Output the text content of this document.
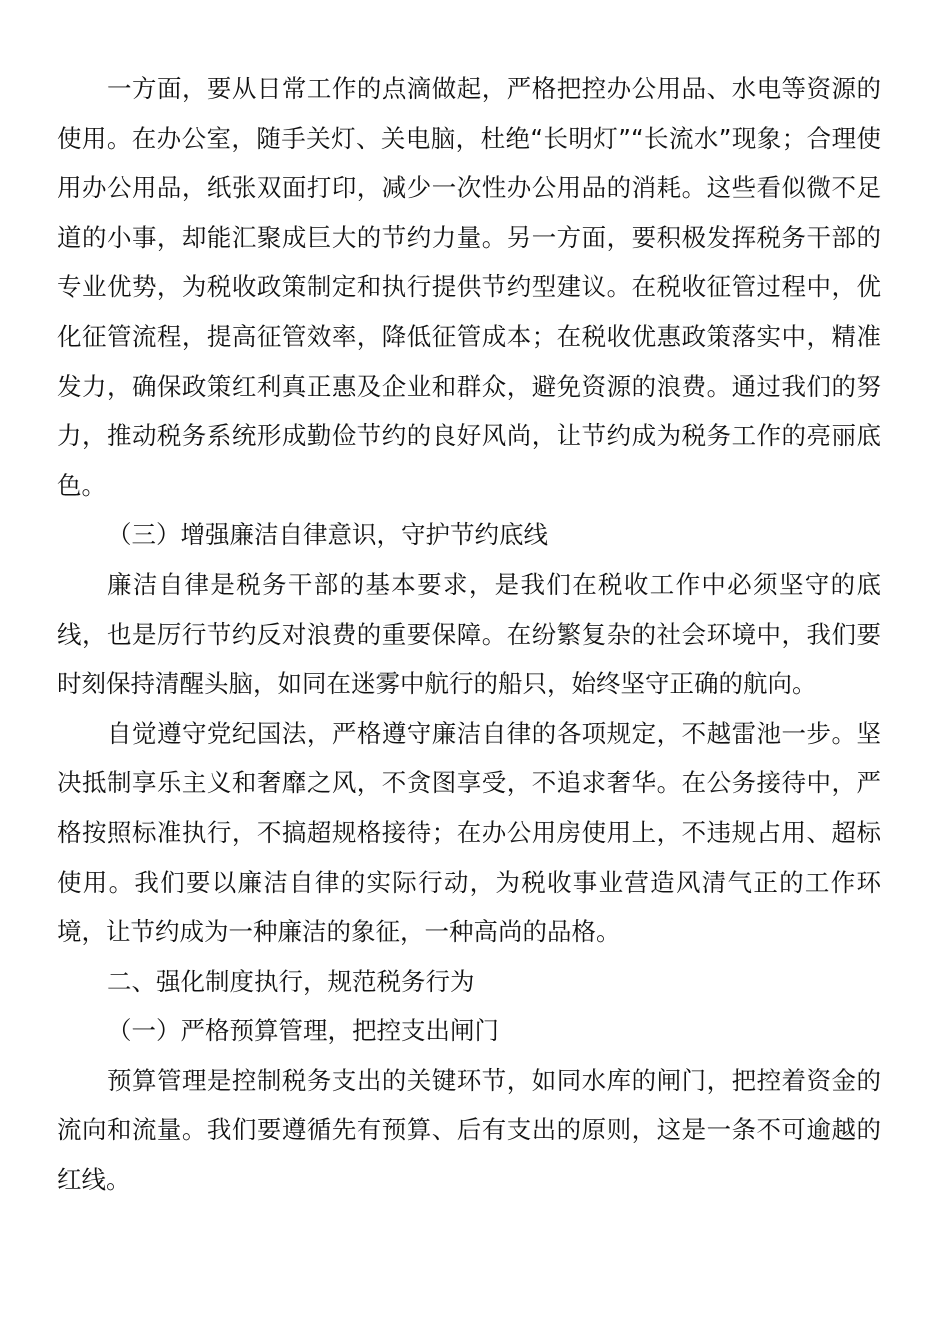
一方面，要从日常工作的点滴做起，严格把控办公用品、水电等资源的使用。在办公室，随手关灯、关电脑，杜绝“长明灯”“长流水”现象；合理使用办公用品，纸张双面打印，减少一次性办公用品的消耗。这些看似微不足道的小事，却能汇聚成巨大的节约力量。另一方面，要积极发挥税务干部的专业优势，为税收政策制定和执行提供节约型建议。在税收征管过程中，优化征管流程，提高征管效率，降低征管成本；在税收优惠政策落实中，精准发力，确保政策红利真正惠及企业和群众，避免资源的浪费。通过我们的努力，推动税务系统形成勤俭节约的良好风尚，让节约成为税务工作的亮丽底色。

（三）增强廉洁自律意识，守护节约底线

廉洁自律是税务干部的基本要求，是我们在税收工作中必须坚守的底线，也是厉行节约反对浪费的重要保障。在纷繁复杂的社会环境中，我们要时刻保持清醒头脑，如同在迷雾中航行的船只，始终坚守正确的航向。

自觉遵守党纪国法，严格遵守廉洁自律的各项规定，不越雷池一步。坚决抵制享乐主义和奢靡之风，不贪图享受，不追求奢华。在公务接待中，严格按照标准执行，不搞超规格接待；在办公用房使用上，不违规占用、超标使用。我们要以廉洁自律的实际行动，为税收事业营造风清气正的工作环境，让节约成为一种廉洁的象征，一种高尚的品格。

二、强化制度执行，规范税务行为

（一）严格预算管理，把控支出闸门

预算管理是控制税务支出的关键环节，如同水库的闸门，把控着资金的流向和流量。我们要遵循先有预算、后有支出的原则，这是一条不可逾越的红线。
